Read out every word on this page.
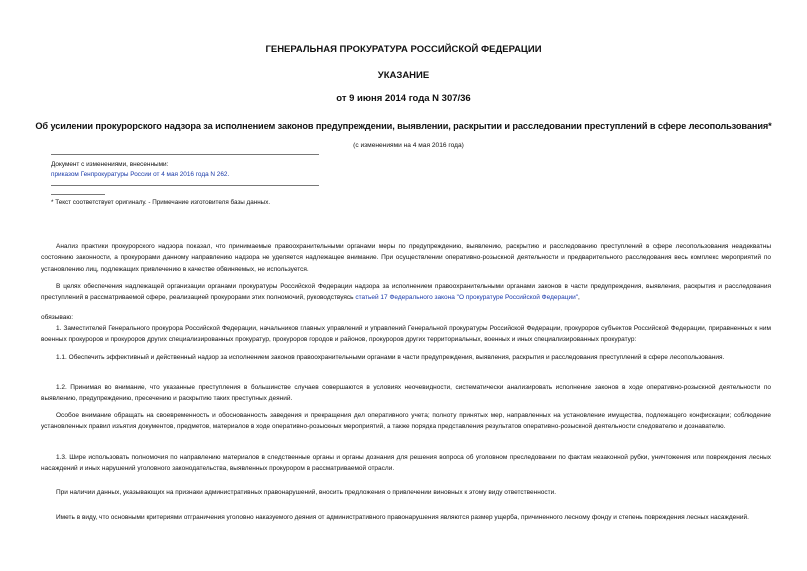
ГЕНЕРАЛЬНАЯ ПРОКУРАТУРА РОССИЙСКОЙ ФЕДЕРАЦИИ
УКАЗАНИЕ
от 9 июня 2014 года N 307/36
Об усилении прокурорского надзора за исполнением законов предупреждении, выявлении, раскрытии и расследовании преступлений в сфере лесопользования*
(с изменениями на 4 мая 2016 года)
Документ с изменениями, внесенными:
приказом Генпрокуратуры России от 4 мая 2016 года N 262.
* Текст соответствует оригиналу. - Примечание изготовителя базы данных.
Анализ практики прокурорского надзора показал, что принимаемые правоохранительными органами меры по предупреждению, выявлению, раскрытию и расследованию преступлений в сфере лесопользования неадекватны состоянию законности, а прокурорами данному направлению надзора не уделяется надлежащее внимание. При осуществлении оперативно-розыскной деятельности и предварительного расследования весь комплекс мероприятий по установлению лиц, подлежащих привлечению в качестве обвиняемых, не используется.
В целях обеспечения надлежащей организации органами прокуратуры Российской Федерации надзора за исполнением правоохранительными органами законов в части предупреждения, выявления, раскрытия и расследования преступлений в рассматриваемой сфере, реализацией прокурорами этих полномочий, руководствуясь статьей 17 Федерального закона "О прокуратуре Российской Федерации",
обязываю:
1. Заместителей Генерального прокурора Российской Федерации, начальников главных управлений и управлений Генеральной прокуратуры Российской Федерации, прокуроров субъектов Российской Федерации, приравненных к ним военных прокуроров и прокуроров других специализированных прокуратур, прокуроров городов и районов, прокуроров других территориальных, военных и иных специализированных прокуратур:
1.1. Обеспечить эффективный и действенный надзор за исполнением законов правоохранительными органами в части предупреждения, выявления, раскрытия и расследования преступлений в сфере лесопользования.
1.2. Принимая во внимание, что указанные преступления в большинстве случаев совершаются в условиях неочевидности, систематически анализировать исполнение законов в ходе оперативно-розыскной деятельности по выявлению, предупреждению, пресечению и раскрытию таких преступных деяний.
Особое внимание обращать на своевременность и обоснованность заведения и прекращения дел оперативного учета; полноту принятых мер, направленных на установление имущества, подлежащего конфискации; соблюдение установленных правил изъятия документов, предметов, материалов в ходе оперативно-розыскных мероприятий, а также порядка представления результатов оперативно-розыскной деятельности следователю и дознавателю.
1.3. Шире использовать полномочия по направлению материалов в следственные органы и органы дознания для решения вопроса об уголовном преследовании по фактам незаконной рубки, уничтожения или повреждения лесных насаждений и иных нарушений уголовного законодательства, выявленных прокурором в рассматриваемой отрасли.
При наличии данных, указывающих на признаки административных правонарушений, вносить предложения о привлечении виновных к этому виду ответственности.
Иметь в виду, что основными критериями отграничения уголовно наказуемого деяния от административного правонарушения являются размер ущерба, причиненного лесному фонду и степень повреждения лесных насаждений.
